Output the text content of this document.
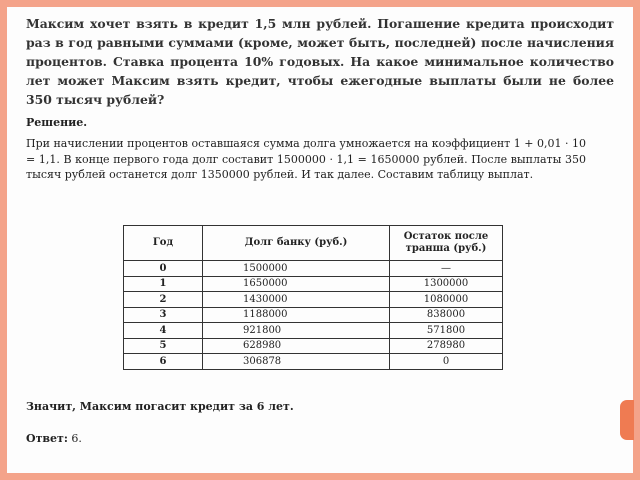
Максим хочет взять в кредит 1,5 млн рублей. Погашение кредита происходит раз в год равными суммами (кроме, может быть, последней) после начисления процентов. Ставка процента 10% годовых. На какое минимальное количество лет может Максим взять кредит, чтобы ежегодные выплаты были не более 350 тысяч рублей?
Решение.
При начислении процентов оставшаяся сумма долга умножается на коэффициент 1 + 0,01 · 10 = 1,1. В конце первого года долг составит 1500000 · 1,1 = 1650000 рублей. После выплаты 350 тысяч рублей останется долг 1350000 рублей. И так далее. Составим таблицу выплат.
Год	Долг банку (руб.)	Остаток после транша (руб.)
0	1500000	—
1	1650000	1300000
2	1430000	1080000
3	1188000	838000
4	921800	571800
5	628980	278980
6	306878	0
Значит, Максим погасит кредит за 6 лет.
Ответ: 6.
